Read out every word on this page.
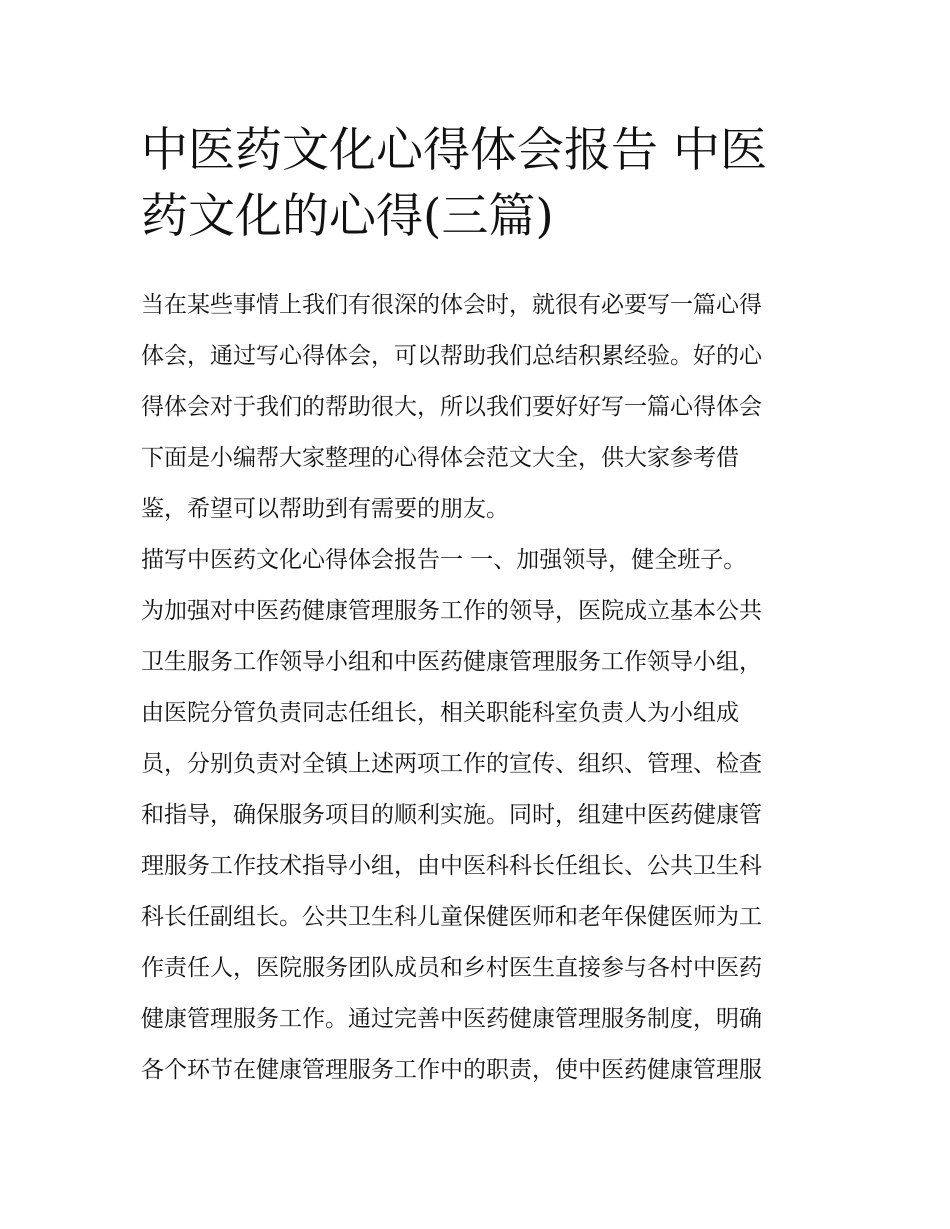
中医药文化心得体会报告 中医
药文化的心得(三篇)
当在某些事情上我们有很深的体会时，就很有必要写一篇心得
体会，通过写心得体会，可以帮助我们总结积累经验。好的心
得体会对于我们的帮助很大，所以我们要好好写一篇心得体会
下面是小编帮大家整理的心得体会范文大全，供大家参考借
鉴，希望可以帮助到有需要的朋友。
描写中医药文化心得体会报告一 一、加强领导，健全班子。
为加强对中医药健康管理服务工作的领导，医院成立基本公共
卫生服务工作领导小组和中医药健康管理服务工作领导小组，
由医院分管负责同志任组长，相关职能科室负责人为小组成
员，分别负责对全镇上述两项工作的宣传、组织、管理、检查
和指导，确保服务项目的顺利实施。同时，组建中医药健康管
理服务工作技术指导小组，由中医科科长任组长、公共卫生科
科长任副组长。公共卫生科儿童保健医师和老年保健医师为工
作责任人，医院服务团队成员和乡村医生直接参与各村中医药
健康管理服务工作。通过完善中医药健康管理服务制度，明确
各个环节在健康管理服务工作中的职责，使中医药健康管理服
